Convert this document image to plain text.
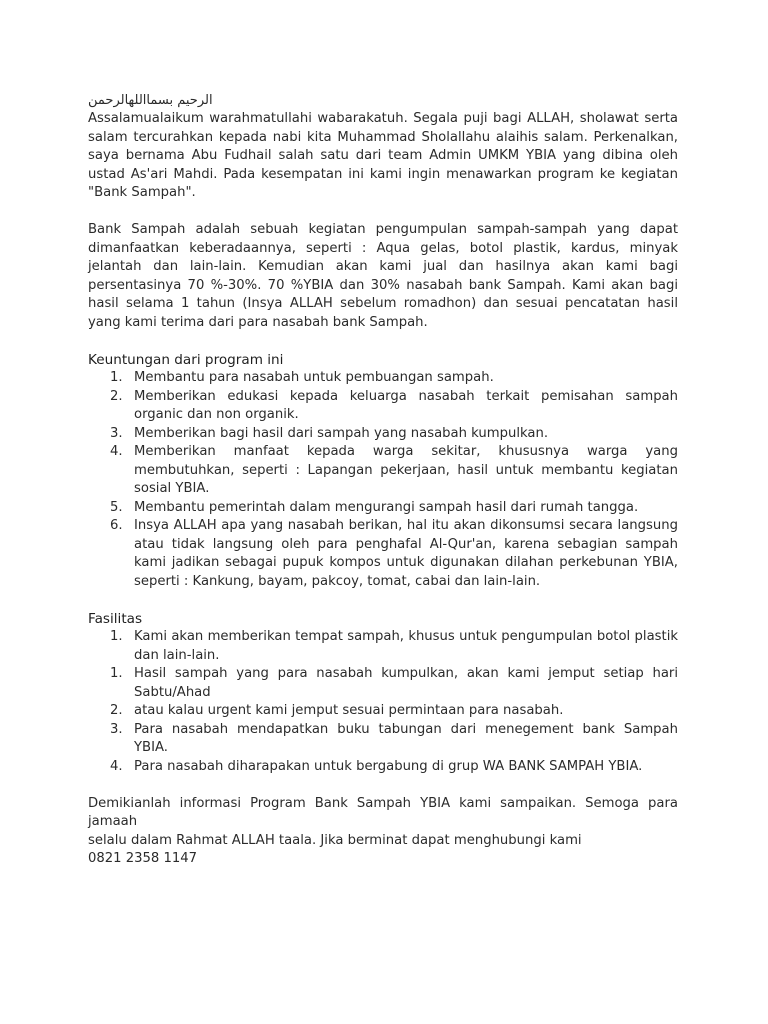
الرحيم بسمااللهالرحمن

Assalamualaikum warahmatullahi wabarakatuh. Segala puji bagi ALLAH, sholawat serta salam tercurahkan kepada nabi kita Muhammad Sholallahu alaihis salam. Perkenalkan, saya bernama Abu Fudhail salah satu dari team Admin UMKM YBIA yang dibina oleh ustad As'ari Mahdi. Pada kesempatan ini kami ingin menawarkan program ke kegiatan "Bank Sampah".

Bank Sampah adalah sebuah kegiatan pengumpulan sampah-sampah yang dapat dimanfaatkan keberadaannya, seperti : Aqua gelas, botol plastik, kardus, minyak jelantah dan lain-lain. Kemudian akan kami jual dan hasilnya akan kami bagi persentasinya 70 %-30%. 70 %YBIA dan 30% nasabah bank Sampah. Kami akan bagi hasil selama 1 tahun (Insya ALLAH sebelum romadhon) dan sesuai pencatatan hasil yang kami terima dari para nasabah bank Sampah.

Keuntungan dari program ini

1. Membantu para nasabah untuk pembuangan sampah.
2. Memberikan edukasi kepada keluarga nasabah terkait pemisahan sampah organic dan non organik.
3. Memberikan bagi hasil dari sampah yang nasabah kumpulkan.
4. Memberikan manfaat kepada warga sekitar, khususnya warga yang membutuhkan, seperti : Lapangan pekerjaan, hasil untuk membantu kegiatan sosial YBIA.
5. Membantu pemerintah dalam mengurangi sampah hasil dari rumah tangga.
6. Insya ALLAH apa yang nasabah berikan, hal itu akan dikonsumsi secara langsung atau tidak langsung oleh para penghafal Al-Qur'an, karena sebagian sampah kami jadikan sebagai pupuk kompos untuk digunakan dilahan perkebunan YBIA, seperti : Kankung, bayam, pakcoy, tomat, cabai dan lain-lain.

Fasilitas

1. Kami akan memberikan tempat sampah, khusus untuk pengumpulan botol plastik dan lain-lain.
1. Hasil sampah yang para nasabah kumpulkan, akan kami jemput setiap hari Sabtu/Ahad
2. atau kalau urgent kami jemput sesuai permintaan para nasabah.
3. Para nasabah mendapatkan buku tabungan dari menegement bank Sampah YBIA.
4. Para nasabah diharapakan untuk bergabung di grup WA BANK SAMPAH YBIA.

Demikianlah informasi Program Bank Sampah YBIA kami sampaikan. Semoga para jamaah

selalu dalam Rahmat ALLAH taala. Jika berminat dapat menghubungi kami

0821 2358 1147
